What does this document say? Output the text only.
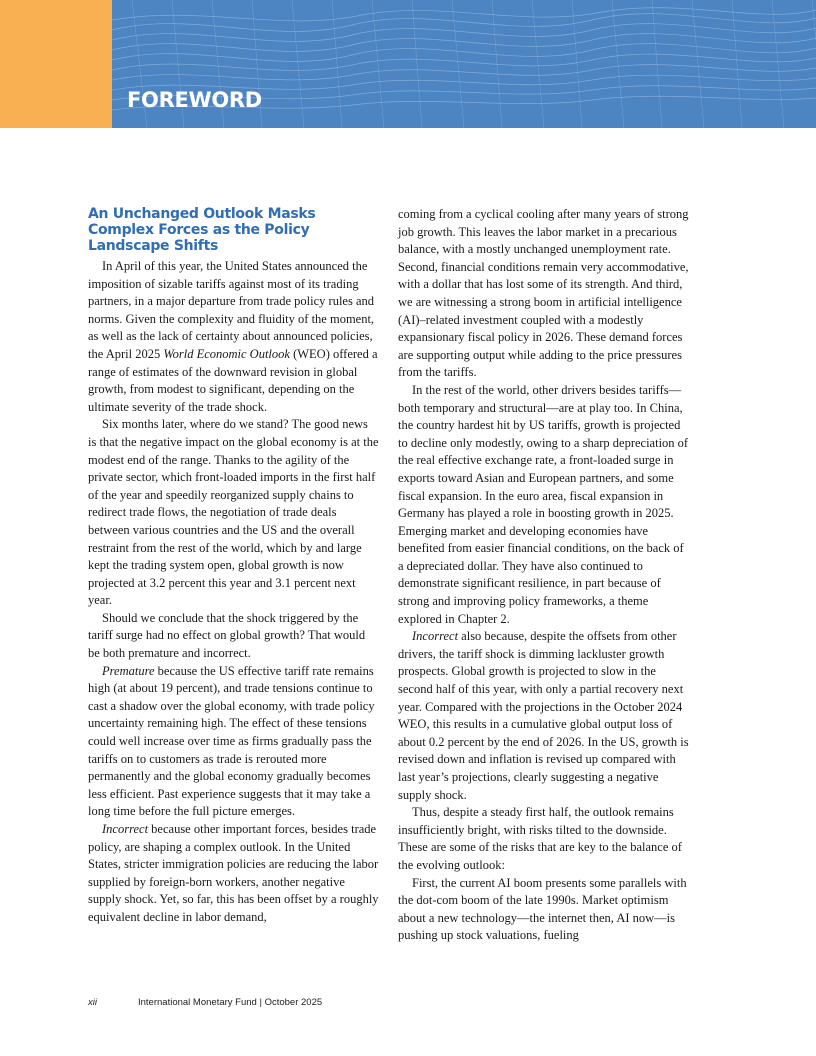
FOREWORD
An Unchanged Outlook Masks Complex Forces as the Policy Landscape Shifts

In April of this year, the United States announced the imposition of sizable tariffs against most of its trading partners, in a major departure from trade policy rules and norms. Given the complexity and fluidity of the moment, as well as the lack of certainty about announced policies, the April 2025 World Economic Outlook (WEO) offered a range of estimates of the downward revision in global growth, from modest to significant, depending on the ultimate severity of the trade shock.

Six months later, where do we stand? The good news is that the negative impact on the global economy is at the modest end of the range. Thanks to the agility of the private sector, which front-loaded imports in the first half of the year and speedily reorganized supply chains to redirect trade flows, the negotiation of trade deals between various countries and the US and the overall restraint from the rest of the world, which by and large kept the trading system open, global growth is now projected at 3.2 percent this year and 3.1 percent next year.

Should we conclude that the shock triggered by the tariff surge had no effect on global growth? That would be both premature and incorrect.

Premature because the US effective tariff rate remains high (at about 19 percent), and trade tensions continue to cast a shadow over the global economy, with trade policy uncertainty remaining high. The effect of these tensions could well increase over time as firms gradually pass the tariffs on to customers as trade is rerouted more permanently and the global economy gradually becomes less efficient. Past experience suggests that it may take a long time before the full picture emerges.

Incorrect because other important forces, besides trade policy, are shaping a complex outlook. In the United States, stricter immigration policies are reducing the labor supplied by foreign-born workers, another negative supply shock. Yet, so far, this has been offset by a roughly equivalent decline in labor demand,

coming from a cyclical cooling after many years of strong job growth. This leaves the labor market in a precarious balance, with a mostly unchanged unemployment rate. Second, financial conditions remain very accommodative, with a dollar that has lost some of its strength. And third, we are witnessing a strong boom in artificial intelligence (AI)–related investment coupled with a modestly expansionary fiscal policy in 2026. These demand forces are supporting output while adding to the price pressures from the tariffs.

In the rest of the world, other drivers besides tariffs—both temporary and structural—are at play too. In China, the country hardest hit by US tariffs, growth is projected to decline only modestly, owing to a sharp depreciation of the real effective exchange rate, a front-loaded surge in exports toward Asian and European partners, and some fiscal expansion. In the euro area, fiscal expansion in Germany has played a role in boosting growth in 2025. Emerging market and developing economies have benefited from easier financial conditions, on the back of a depreciated dollar. They have also continued to demonstrate significant resilience, in part because of strong and improving policy frameworks, a theme explored in Chapter 2.

Incorrect also because, despite the offsets from other drivers, the tariff shock is dimming lackluster growth prospects. Global growth is projected to slow in the second half of this year, with only a partial recovery next year. Compared with the projections in the October 2024 WEO, this results in a cumulative global output loss of about 0.2 percent by the end of 2026. In the US, growth is revised down and inflation is revised up compared with last year’s projections, clearly suggesting a negative supply shock.

Thus, despite a steady first half, the outlook remains insufficiently bright, with risks tilted to the downside. These are some of the risks that are key to the balance of the evolving outlook:

First, the current AI boom presents some parallels with the dot-com boom of the late 1990s. Market optimism about a new technology—the internet then, AI now—is pushing up stock valuations, fueling

xii	International Monetary Fund | October 2025
